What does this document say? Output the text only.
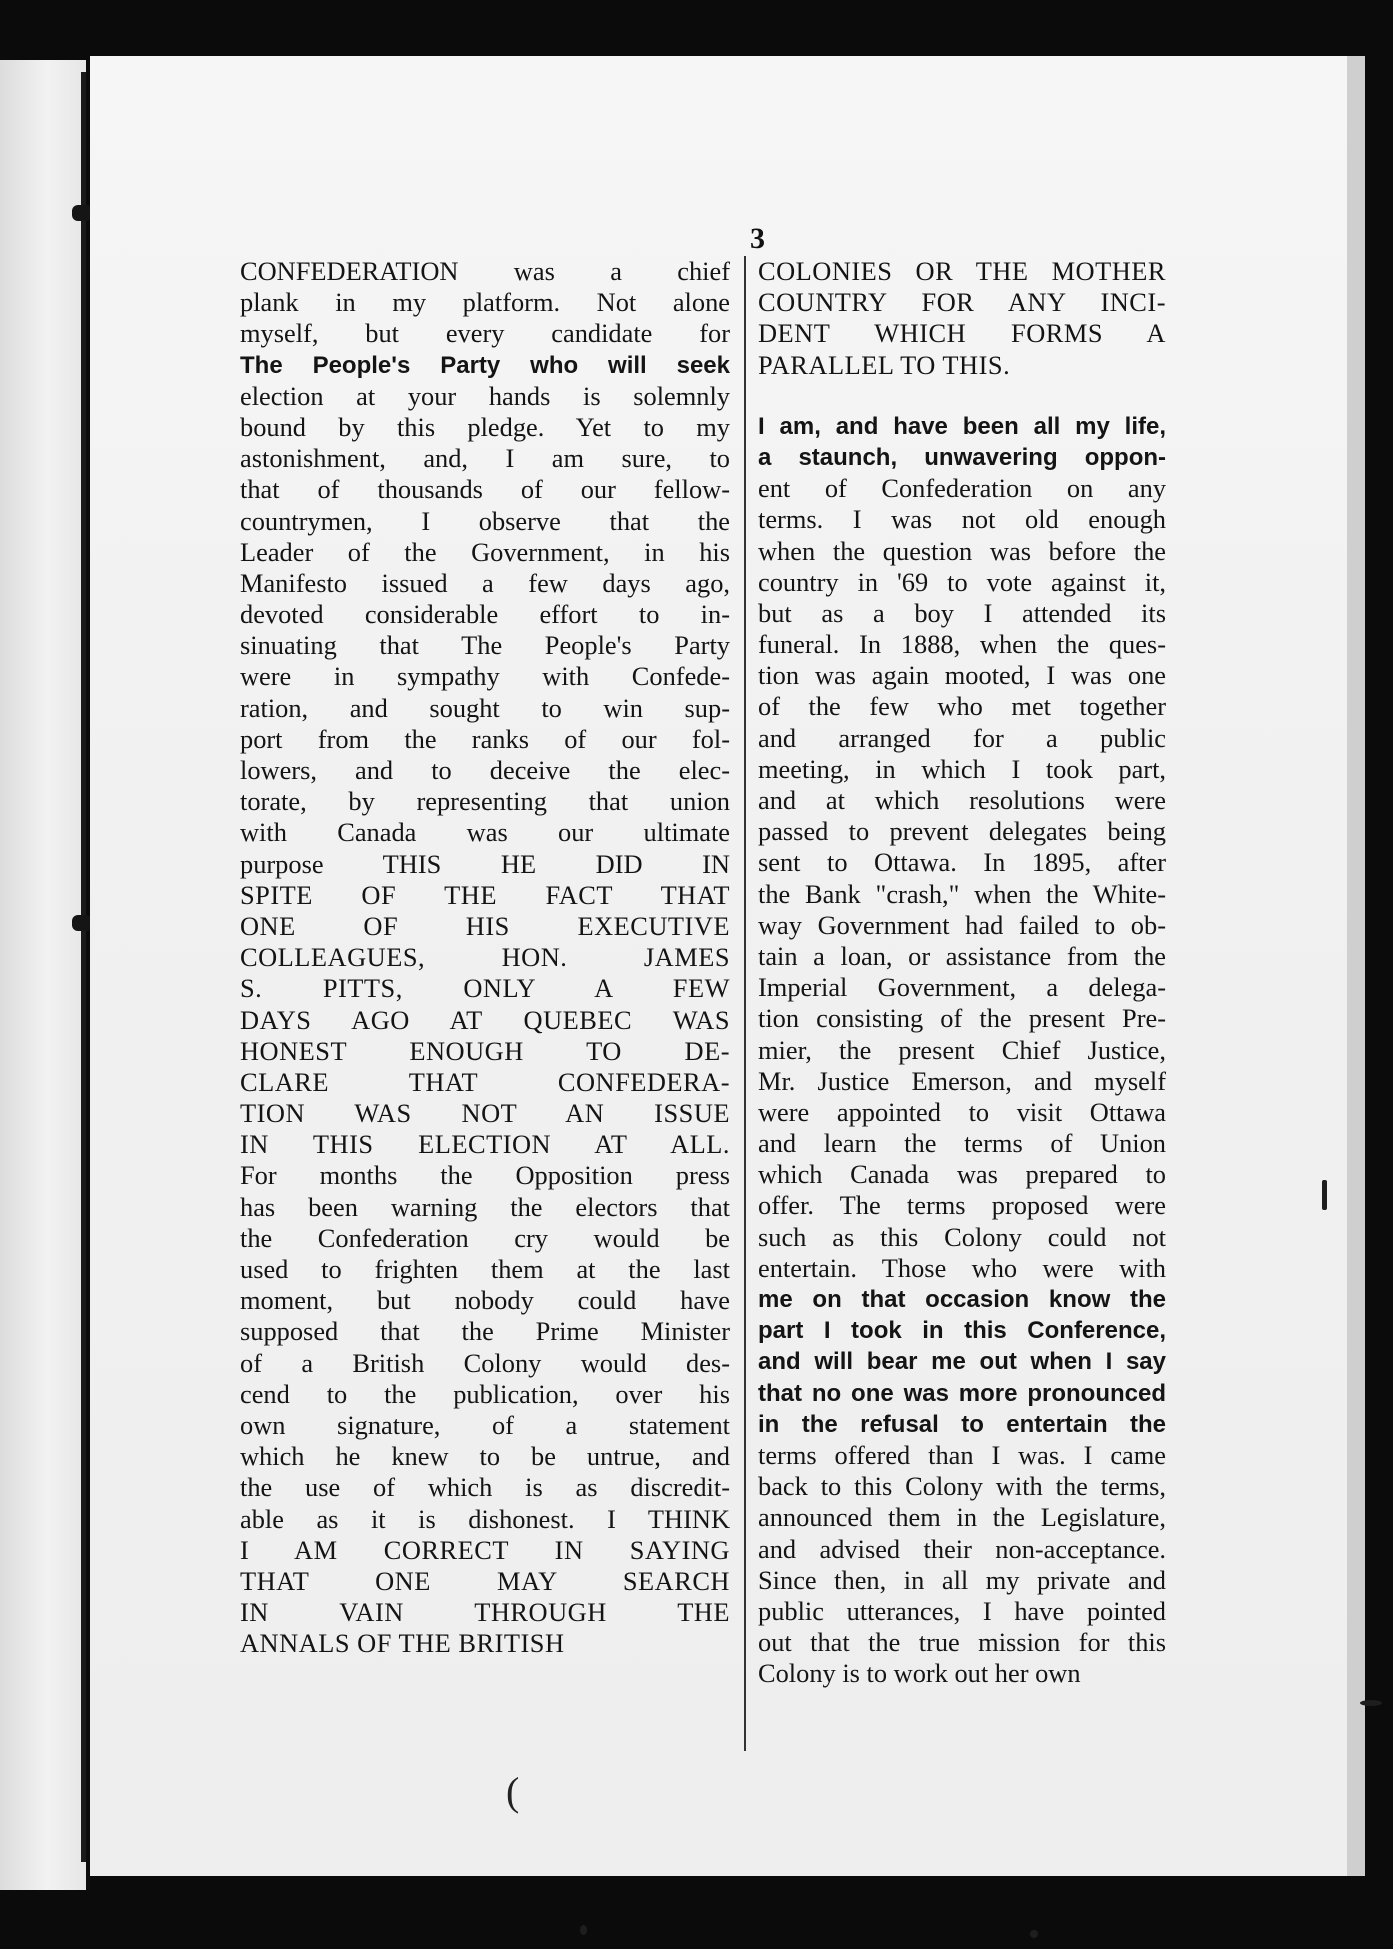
3
CONFEDERATION was a chief
plank in my platform. Not alone
myself, but every candidate for
The People's Party who will seek
election at your hands is solemnly
bound by this pledge. Yet to my
astonishment, and, I am sure, to
that of thousands of our fellow-
countrymen, I observe that the
Leader of the Government, in his
Manifesto issued a few days ago,
devoted considerable effort to in-
sinuating that The People's Party
were in sympathy with Confede-
ration, and sought to win sup-
port from the ranks of our fol-
lowers, and to deceive the elec-
torate, by representing that union
with Canada was our ultimate
purpose THIS HE DID IN
SPITE OF THE FACT THAT
ONE OF HIS EXECUTIVE
COLLEAGUES, HON. JAMES
S. PITTS, ONLY A FEW
DAYS AGO AT QUEBEC WAS
HONEST ENOUGH TO DE-
CLARE THAT CONFEDERA-
TION WAS NOT AN ISSUE
IN THIS ELECTION AT ALL.
For months the Opposition press
has been warning the electors that
the Confederation cry would be
used to frighten them at the last
moment, but nobody could have
supposed that the Prime Minister
of a British Colony would des-
cend to the publication, over his
own signature, of a statement
which he knew to be untrue, and
the use of which is as discredit-
able as it is dishonest. I THINK
I AM CORRECT IN SAYING
THAT ONE MAY SEARCH
IN VAIN THROUGH THE
ANNALS OF THE BRITISH
COLONIES OR THE MOTHER
COUNTRY FOR ANY INCI-
DENT WHICH FORMS A
PARALLEL TO THIS.
I am, and have been all my life,
a staunch, unwavering oppon-
ent of Confederation on any
terms. I was not old enough
when the question was before the
country in '69 to vote against it,
but as a boy I attended its
funeral. In 1888, when the ques-
tion was again mooted, I was one
of the few who met together
and arranged for a public
meeting, in which I took part,
and at which resolutions were
passed to prevent delegates being
sent to Ottawa. In 1895, after
the Bank "crash," when the White-
way Government had failed to ob-
tain a loan, or assistance from the
Imperial Government, a delega-
tion consisting of the present Pre-
mier, the present Chief Justice,
Mr. Justice Emerson, and myself
were appointed to visit Ottawa
and learn the terms of Union
which Canada was prepared to
offer. The terms proposed were
such as this Colony could not
entertain. Those who were with
me on that occasion know the
part I took in this Conference,
and will bear me out when I say
that no one was more pronounced
in the refusal to entertain the
terms offered than I was. I came
back to this Colony with the terms,
announced them in the Legislature,
and advised their non-acceptance.
Since then, in all my private and
public utterances, I have pointed
out that the true mission for this
Colony is to work out her own
(
